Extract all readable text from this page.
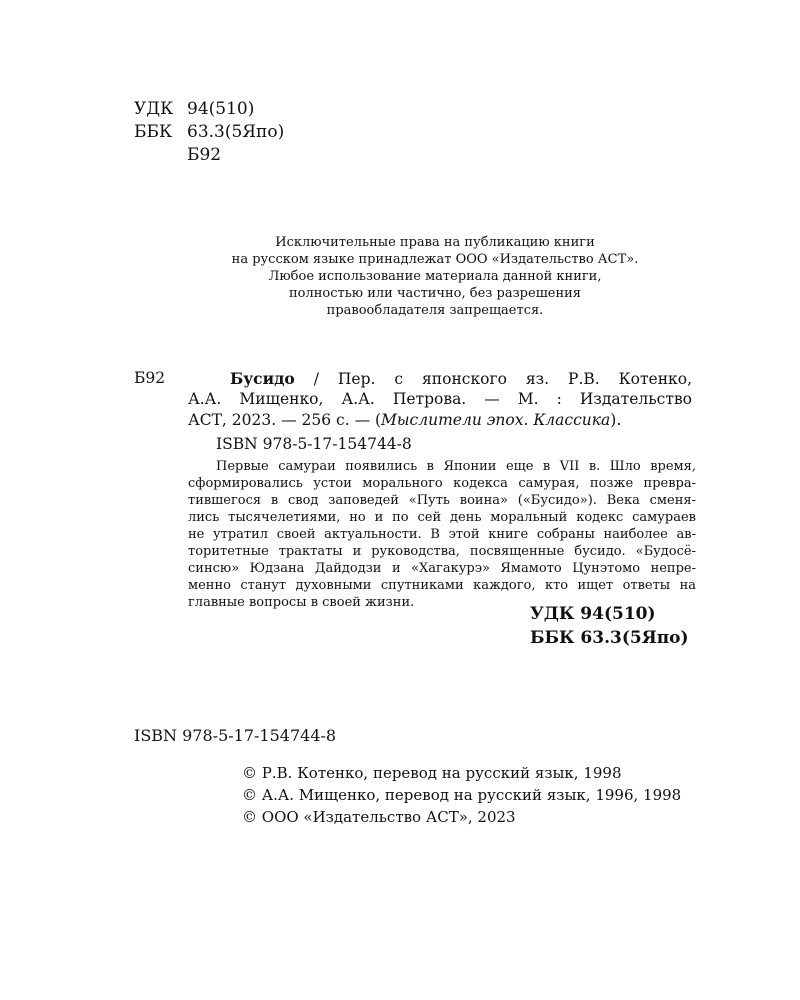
УДК 94(510)
ББК 63.3(5Япо)
Б92
Исключительные права на публикацию книги
на русском языке принадлежат ООО «Издательство АСТ».
Любое использование материала данной книги,
полностью или частично, без разрешения
правообладателя запрещается.
Б92	Бусидо / Пер. с японского яз. Р.В. Котенко,
А.А. Мищенко, А.А. Петрова. — М. : Издательство
АСТ, 2023. — 256 с. — (Мыслители эпох. Классика).
ISBN 978-5-17-154744-8
Первые самураи появились в Японии еще в VII в. Шло время,
сформировались устои морального кодекса самурая, позже превра-
тившегося в свод заповедей «Путь воина» («Бусидо»). Века сменя-
лись тысячелетиями, но и по сей день моральный кодекс самураев
не утратил своей актуальности. В этой книге собраны наиболее ав-
торитетные трактаты и руководства, посвященные бусидо. «Будосё-
синсю» Юдзана Дайдодзи и «Хагакурэ» Ямамото Цунэтомо непре-
менно станут духовными спутниками каждого, кто ищет ответы на
главные вопросы в своей жизни.
УДК 94(510)
ББК 63.3(5Япо)
ISBN 978-5-17-154744-8
© Р.В. Котенко, перевод на русский язык, 1998
© А.А. Мищенко, перевод на русский язык, 1996, 1998
© ООО «Издательство АСТ», 2023
